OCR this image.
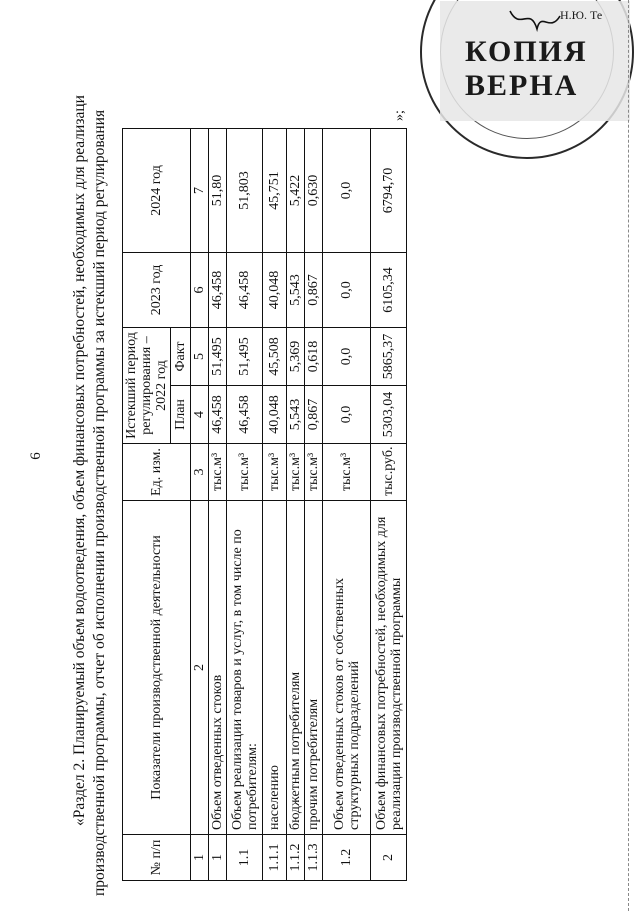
6 «Раздел 2. Планируемый объем водоотведения, объем финансовых потребностей, необходимых для реализаци производственной программы, отчет об исполнении производственной программы за истекший период регулирования	№ п/п	Показатели производственной деятельности	Ед. изм.	Истекший период регулирования – 2022 год		2023 год	2024 год
			План	Факт		
1	2	3	4	5	6	7
1	Объем отведенных стоков	тыс.м³	46,458	51,495	46,458	51,80
1.1	Объем реализации товаров и услуг, в том числе по потребителям:	тыс.м³	46,458	51,495	46,458	51,803
1.1.1	населению	тыс.м³	40,048	45,508	40,048	45,751
1.1.2	бюджетным потребителям	тыс.м³	5,543	5,369	5,543	5,422
1.1.3	прочим потребителям	тыс.м³	0,867	0,618	0,867	0,630
1.2	Объем отведенных стоков от собственных структурных подразделений	тыс.м³	0,0	0,0	0,0	0,0
2	Объем финансовых потребностей, необходимых для реализации производственной программы	тыс.руб.	5303,04	5865,37	6105,34	6794,70
»;
КОПИЯ ВЕРНА
Н.Ю. Те
